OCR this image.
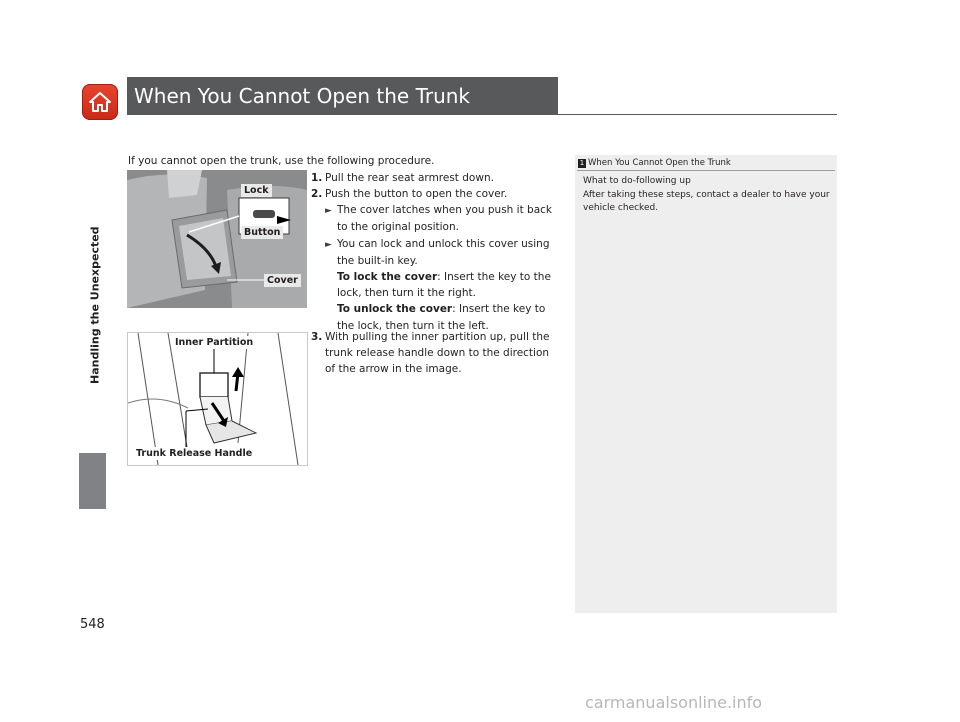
When You Cannot Open the Trunk
Handling the Unexpected
548
If you cannot open the trunk, use the following procedure.
Lock
Button
Cover
Inner Partition
Trunk Release Handle
1. Pull the rear seat armrest down.
2. Push the button to open the cover.
► The cover latches when you push it back
to the original position.
► You can lock and unlock this cover using
the built-in key.
To lock the cover: Insert the key to the
lock, then turn it the right.
To unlock the cover: Insert the key to
the lock, then turn it the left.
3. With pulling the inner partition up, pull the
trunk release handle down to the direction
of the arrow in the image.
1 When You Cannot Open the Trunk
What to do-following up
After taking these steps, contact a dealer to have your vehicle checked.
carmanualsonline.info
